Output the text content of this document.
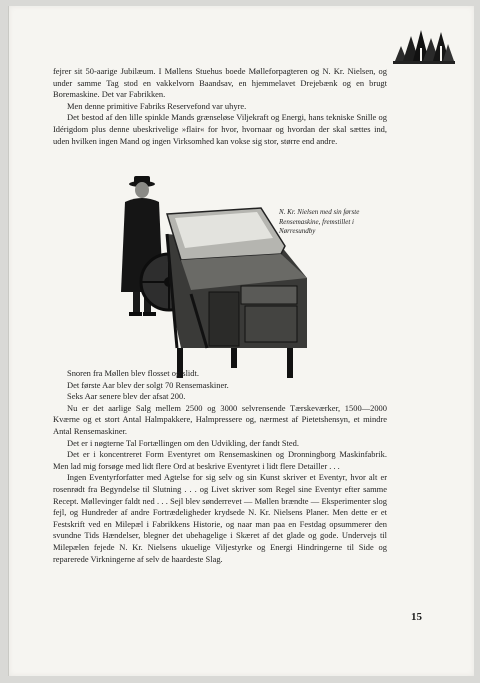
fejrer sit 50-aarige Jubilæum. I Møllens Stuehus boede Mølleforpagteren og N. Kr. Nielsen, og under samme Tag stod en vakkelvorn Baandsav, en hjemmelavet Drejebænk og en brugt Boremaskine. Det var Fabrikken.

Men denne primitive Fabriks Reservefond var uhyre.

Det bestod af den lille spinkle Mands grænseløse Viljekraft og Energi, hans tekniske Snille og Idérigdom plus denne ubeskrivelige »flair« for hvor, hvornaar og hvordan der skal sættes ind, uden hvilken ingen Mand og ingen Virksomhed kan vokse sig stor, større end andre.

N. Kr. Nielsen med sin første Rensemaskine, fremstillet i Nørresundby

Snoren fra Møllen blev flosset og slidt.

Det første Aar blev der solgt 70 Rensemaskiner.

Seks Aar senere blev der afsat 200.

Nu er det aarlige Salg mellem 2500 og 3000 selvrensende Tærskeværker, 1500—2000 Kværne og et stort Antal Halmpakkere, Halmpressere og, nærmest af Pietetshensyn, et mindre Antal Rensemaskiner.

Det er i nøgterne Tal Fortællingen om den Udvikling, der fandt Sted.

Det er i koncentreret Form Eventyret om Rensemaskinen og Dronningborg Maskinfabrik. Men lad mig forsøge med lidt flere Ord at beskrive Eventyret i lidt flere Detailler . . .

Ingen Eventyrforfatter med Agtelse for sig selv og sin Kunst skriver et Eventyr, hvor alt er rosenrødt fra Begyndelse til Slutning . . . og Livet skriver som Regel sine Eventyr efter samme Recept. Møllevinger faldt ned . . . Sejl blev sønderrevet — Møllen brændte — Eksperimenter slog fejl, og Hundreder af andre Fortrædeligheder krydsede N. Kr. Nielsens Planer. Men dette er et Festskrift ved en Milepæl i Fabrikkens Historie, og naar man paa en Festdag opsummerer den svundne Tids Hændelser, blegner det ubehagelige i Skæret af det glade og gode. Undervejs til Milepælen fejede N. Kr. Nielsens ukuelige Viljestyrke og Energi Hindringerne til Side og reparerede Virkningerne af selv de haardeste Slag.

15
